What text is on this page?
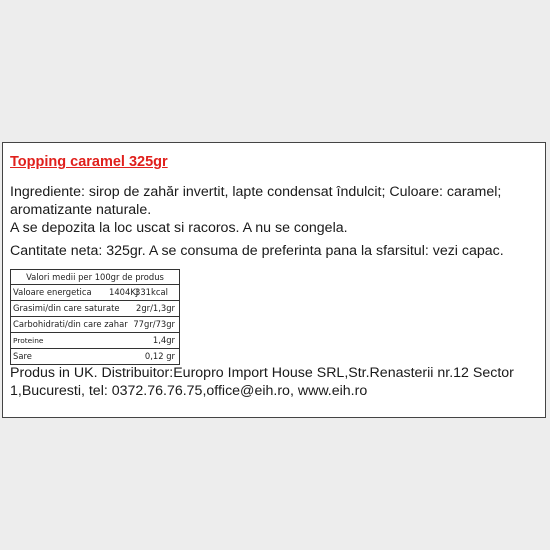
Topping caramel 325gr
Ingrediente: sirop de zahăr invertit, lapte condensat îndulcit; Culoare: caramel;
aromatizante naturale.
A se depozita la loc uscat si racoros. A nu se congela.
Cantitate neta: 325gr. A se consuma de preferinta pana la sfarsitul: vezi capac.
Valori medii per 100gr de produs
Valoare energetica 1404KJ
331kcal
Grasimi/din care saturate 2gr/1,3gr
Carbohidrati/din care zahar 77gr/73gr
Proteine	1,4gr
Sare	0,12 gr
Produs in UK. Distribuitor:Europro Import House SRL,Str.Renasterii nr.12 Sector
1,Bucuresti, tel: 0372.76.76.75,office@eih.ro, www.eih.ro
